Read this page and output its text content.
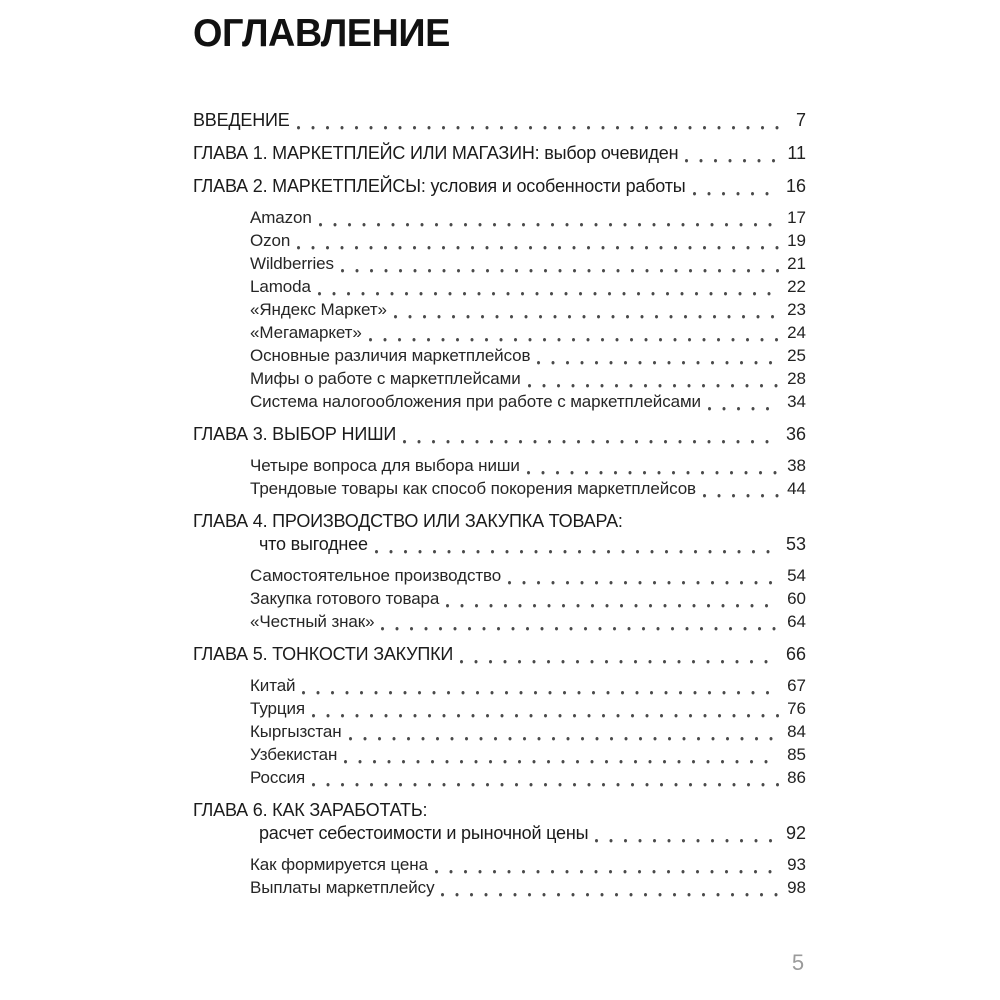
ОГЛАВЛЕНИЕ
ВВЕДЕНИЕ	7
ГЛАВА 1. МАРКЕТПЛЕЙС ИЛИ МАГАЗИН: выбор очевиден	11
ГЛАВА 2. МАРКЕТПЛЕЙСЫ: условия и особенности работы	16
Amazon	17
Ozon	19
Wildberries	21
Lamoda	22
«Яндекс Маркет»	23
«Мегамаркет»	24
Основные различия маркетплейсов	25
Мифы о работе с маркетплейсами	28
Система налогообложения при работе с маркетплейсами	34
ГЛАВА 3. ВЫБОР НИШИ	36
Четыре вопроса для выбора ниши	38
Трендовые товары как способ покорения маркетплейсов	44
ГЛАВА 4. ПРОИЗВОДСТВО ИЛИ ЗАКУПКА ТОВАРА:
что выгоднее	53
Самостоятельное производство	54
Закупка готового товара	60
«Честный знак»	64
ГЛАВА 5. ТОНКОСТИ ЗАКУПКИ	66
Китай	67
Турция	76
Кыргызстан	84
Узбекистан	85
Россия	86
ГЛАВА 6. КАК ЗАРАБОТАТЬ:
расчет себестоимости и рыночной цены	92
Как формируется цена	93
Выплаты маркетплейсу	98
5
